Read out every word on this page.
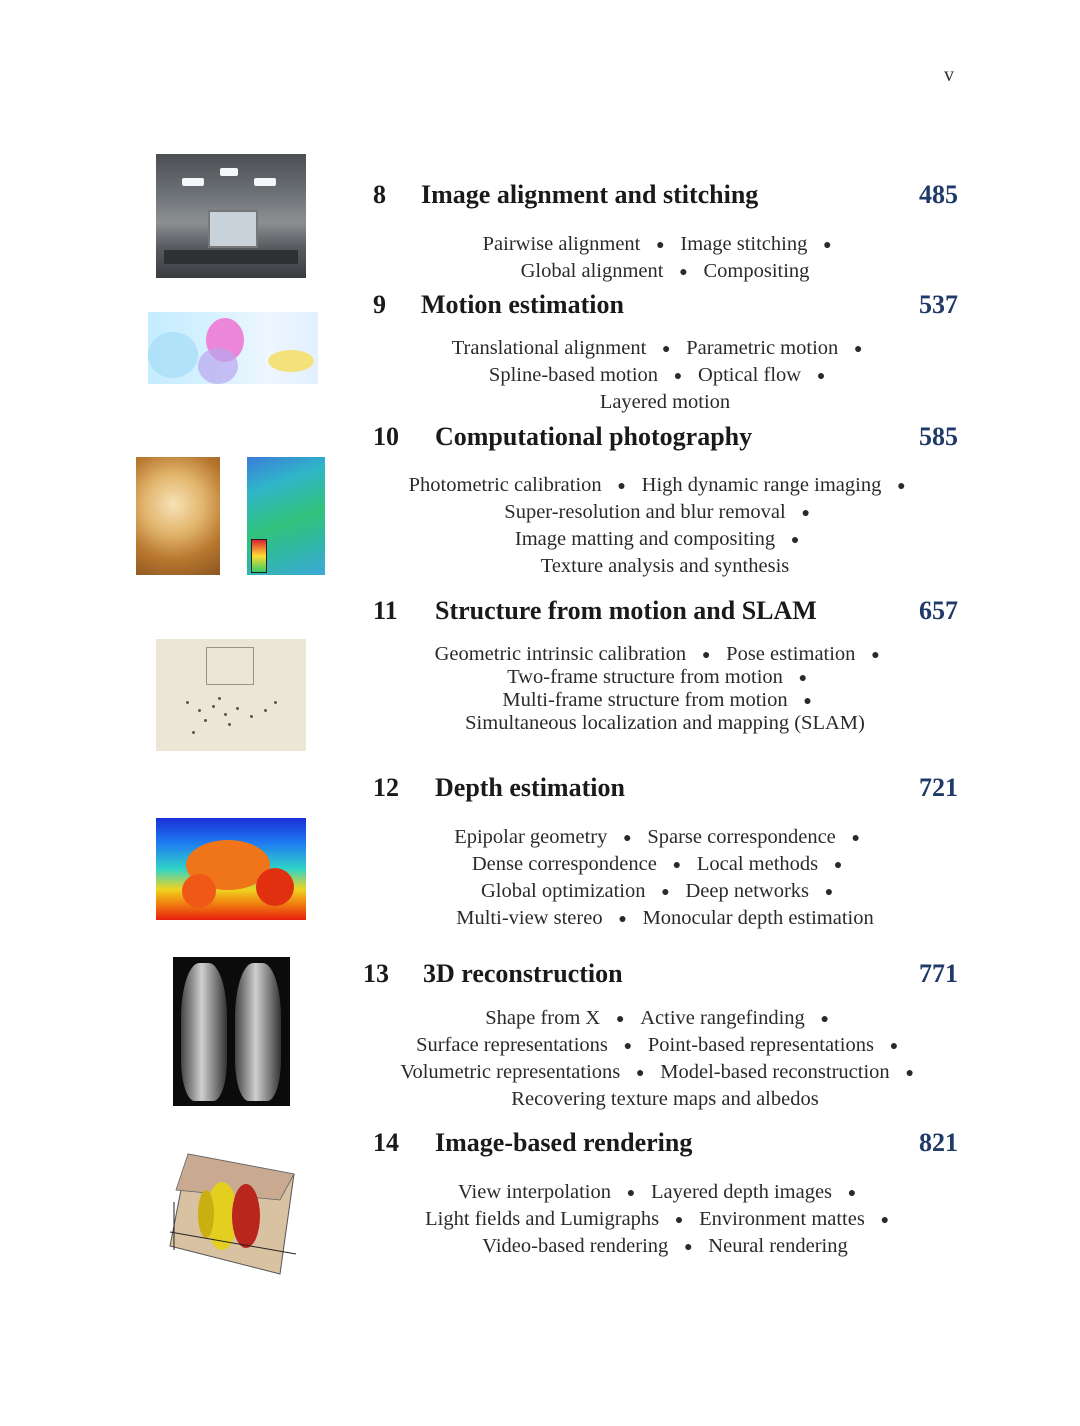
v
8 Image alignment and stitching	485
Pairwise alignment ● Image stitching ●
Global alignment ● Compositing
9 Motion estimation	537
Translational alignment ● Parametric motion ●
Spline-based motion ● Optical flow ●
Layered motion
10 Computational photography	585
Photometric calibration ● High dynamic range imaging ●
Super-resolution and blur removal ●
Image matting and compositing ●
Texture analysis and synthesis
11 Structure from motion and SLAM	657
Geometric intrinsic calibration ● Pose estimation ●
Two-frame structure from motion ●
Multi-frame structure from motion ●
Simultaneous localization and mapping (SLAM)
12 Depth estimation	721
Epipolar geometry ● Sparse correspondence ●
Dense correspondence ● Local methods ●
Global optimization ● Deep networks ●
Multi-view stereo ● Monocular depth estimation
13 3D reconstruction	771
Shape from X ● Active rangefinding ●
Surface representations ● Point-based representations ●
Volumetric representations ● Model-based reconstruction ●
Recovering texture maps and albedos
14 Image-based rendering	821
View interpolation ● Layered depth images ●
Light fields and Lumigraphs ● Environment mattes ●
Video-based rendering ● Neural rendering
